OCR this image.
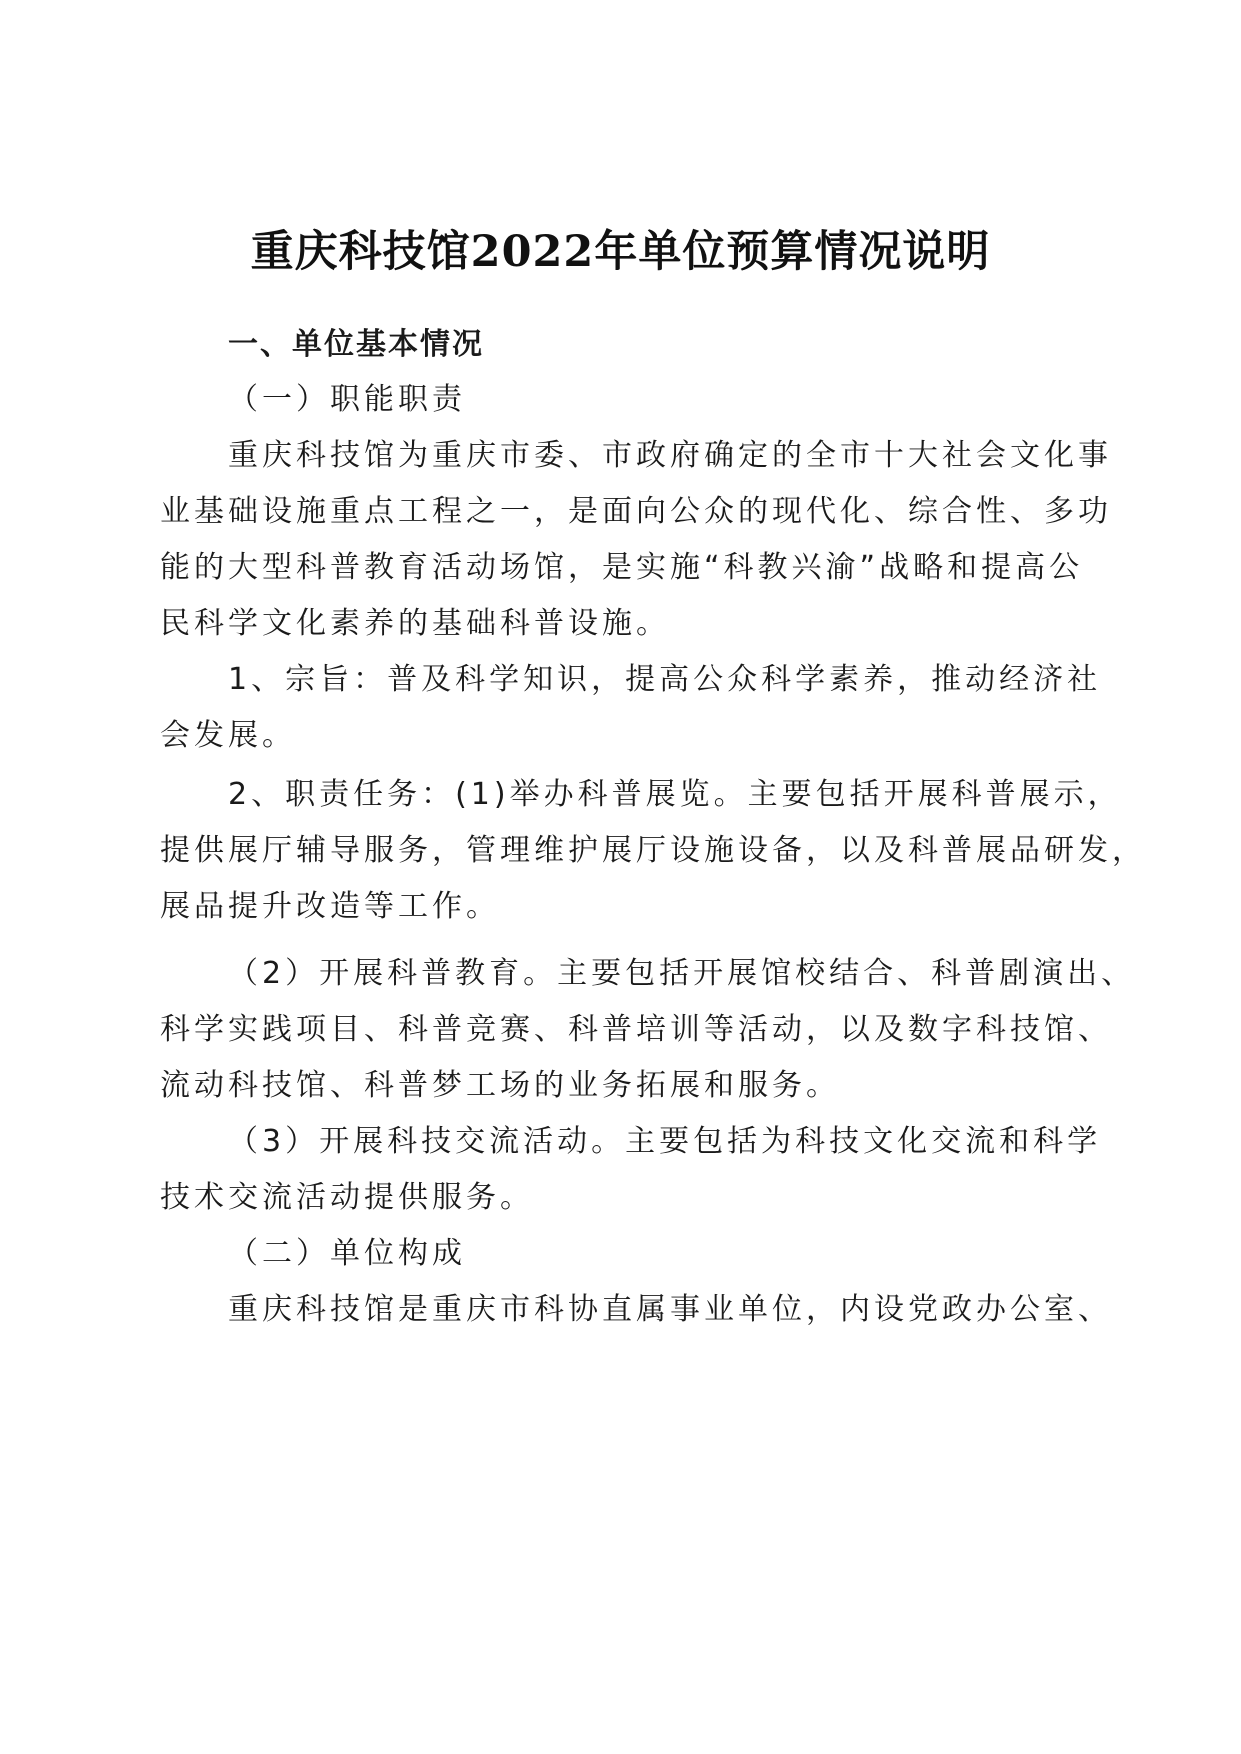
重庆科技馆2022年单位预算情况说明

一、单位基本情况

（一）职能职责

重庆科技馆为重庆市委、市政府确定的全市十大社会文化事

业基础设施重点工程之一，是面向公众的现代化、综合性、多功

能的大型科普教育活动场馆，是实施“科教兴渝”战略和提高公

民科学文化素养的基础科普设施。

1、宗旨：普及科学知识，提高公众科学素养，推动经济社

会发展。

2、职责任务：(1)举办科普展览。主要包括开展科普展示，

提供展厅辅导服务，管理维护展厅设施设备，以及科普展品研发，

展品提升改造等工作。

（2）开展科普教育。主要包括开展馆校结合、科普剧演出、

科学实践项目、科普竞赛、科普培训等活动，以及数字科技馆、

流动科技馆、科普梦工场的业务拓展和服务。

（3）开展科技交流活动。主要包括为科技文化交流和科学

技术交流活动提供服务。

（二）单位构成

重庆科技馆是重庆市科协直属事业单位，内设党政办公室、
